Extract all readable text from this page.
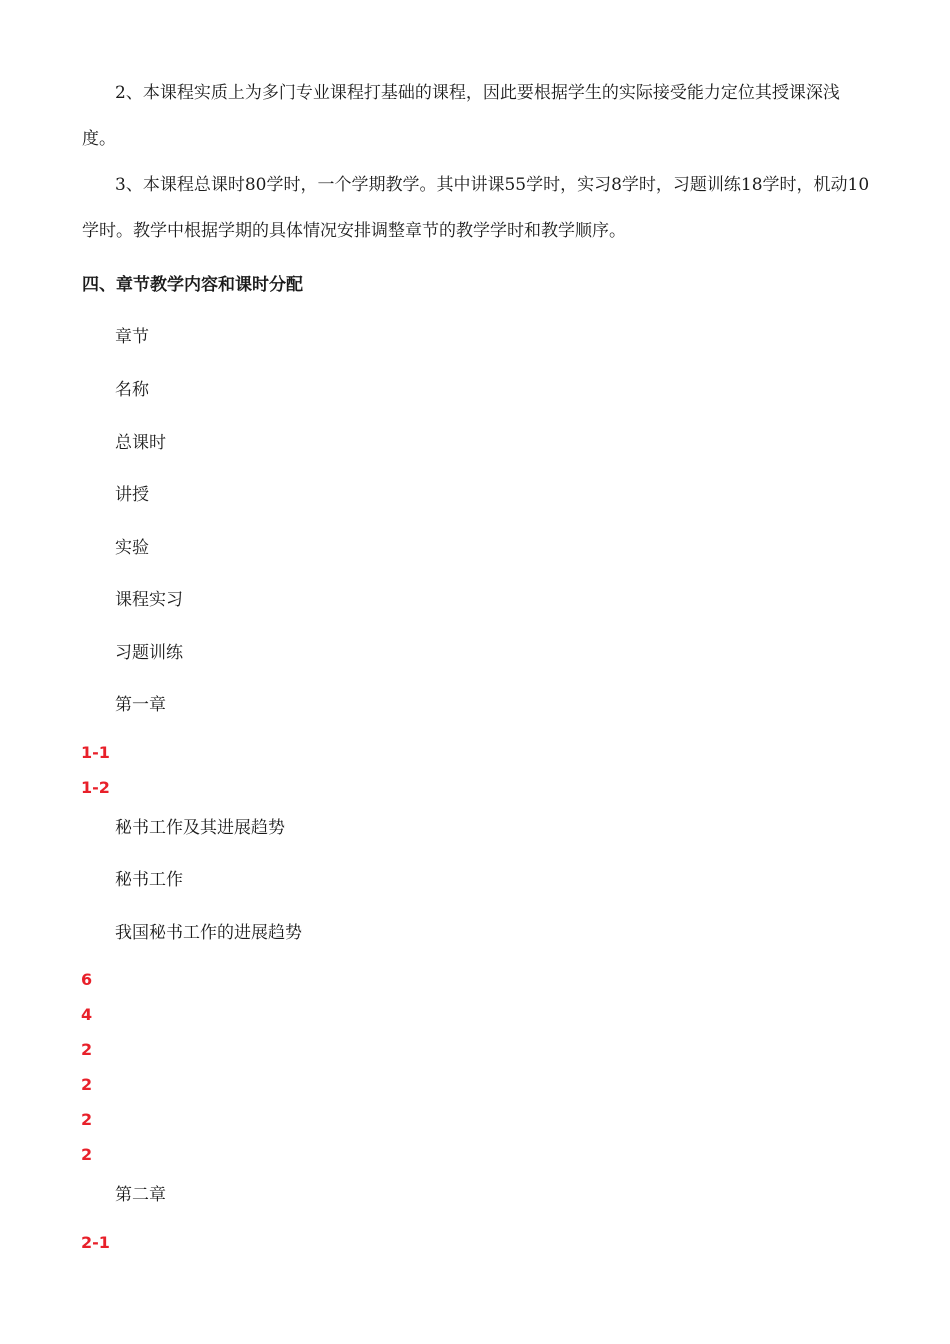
2、本课程实质上为多门专业课程打基础的课程，因此要根据学生的实际接受能力定位其授课深浅度。

3、本课程总课时80学时，一个学期教学。其中讲课55学时，实习8学时，习题训练18学时，机动10学时。教学中根据学期的具体情况安排调整章节的教学学时和教学顺序。

四、章节教学内容和课时分配

章节

名称

总课时

讲授

实验

课程实习

习题训练

第一章

1-1

1-2

秘书工作及其进展趋势

秘书工作

我国秘书工作的进展趋势

6

4

2

2

2

2

第二章

2-1
